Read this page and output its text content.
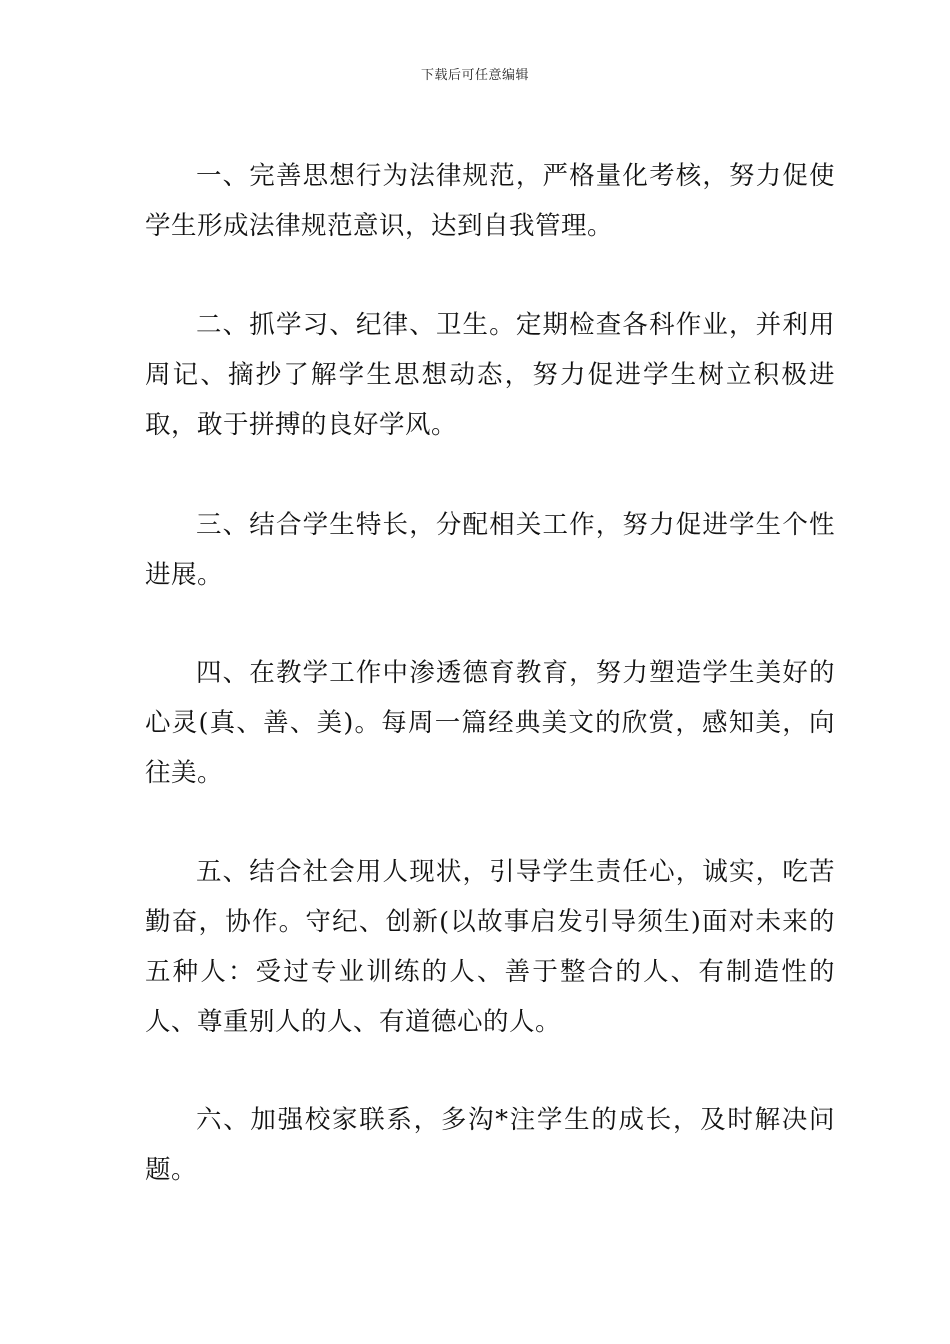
下载后可任意编辑

一、完善思想行为法律规范，严格量化考核，努力促使学生形成法律规范意识，达到自我管理。

二、抓学习、纪律、卫生。定期检查各科作业，并利用周记、摘抄了解学生思想动态，努力促进学生树立积极进取，敢于拼搏的良好学风。

三、结合学生特长，分配相关工作，努力促进学生个性进展。

四、在教学工作中渗透德育教育，努力塑造学生美好的心灵(真、善、美)。每周一篇经典美文的欣赏，感知美，向往美。

五、结合社会用人现状，引导学生责任心，诚实，吃苦勤奋，协作。守纪、创新(以故事启发引导须生)面对未来的五种人：受过专业训练的人、善于整合的人、有制造性的人、尊重别人的人、有道德心的人。

六、加强校家联系，多沟*注学生的成长，及时解决问题。
